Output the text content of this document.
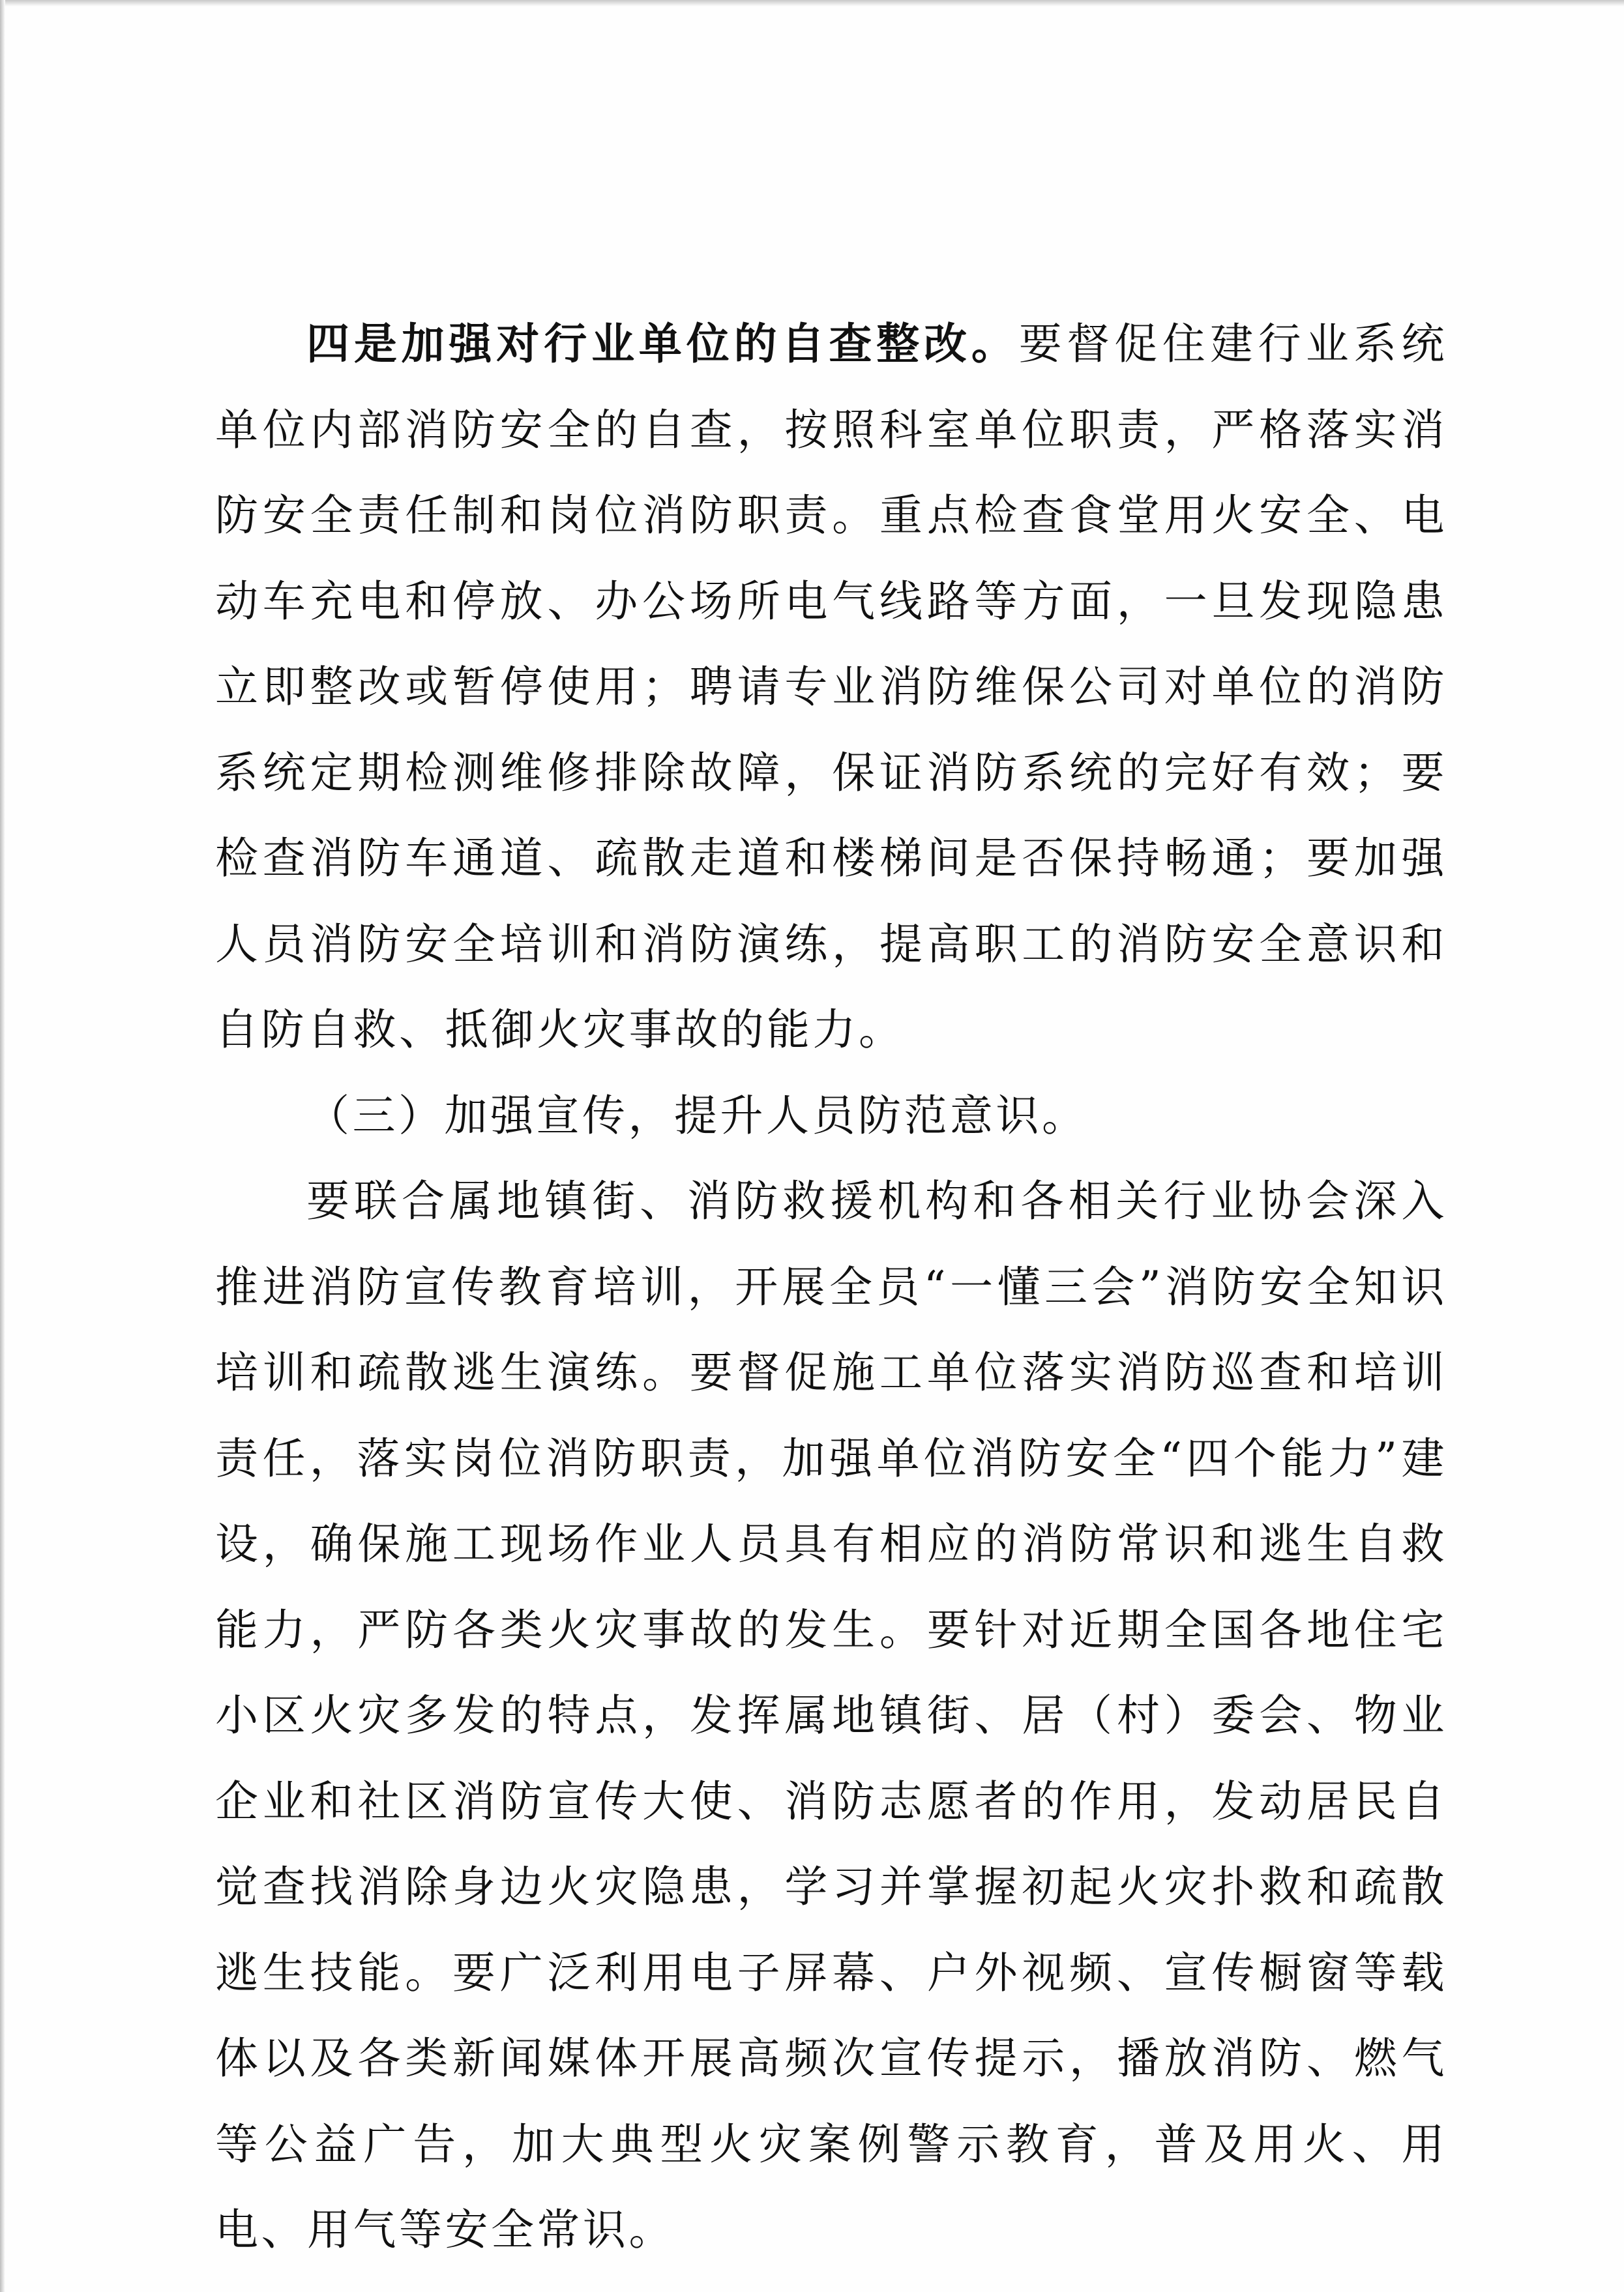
四是加强对行业单位的自查整改。要督促住建行业系统单位内部消防安全的自查，按照科室单位职责，严格落实消防安全责任制和岗位消防职责。重点检查食堂用火安全、电动车充电和停放、办公场所电气线路等方面，一旦发现隐患立即整改或暂停使用；聘请专业消防维保公司对单位的消防系统定期检测维修排除故障，保证消防系统的完好有效；要检查消防车通道、疏散走道和楼梯间是否保持畅通；要加强人员消防安全培训和消防演练，提高职工的消防安全意识和自防自救、抵御火灾事故的能力。

（三）加强宣传，提升人员防范意识。

要联合属地镇街、消防救援机构和各相关行业协会深入推进消防宣传教育培训，开展全员“一懂三会”消防安全知识培训和疏散逃生演练。要督促施工单位落实消防巡查和培训责任，落实岗位消防职责，加强单位消防安全“四个能力”建设，确保施工现场作业人员具有相应的消防常识和逃生自救能力，严防各类火灾事故的发生。要针对近期全国各地住宅小区火灾多发的特点，发挥属地镇街、居（村）委会、物业企业和社区消防宣传大使、消防志愿者的作用，发动居民自觉查找消除身边火灾隐患，学习并掌握初起火灾扑救和疏散逃生技能。要广泛利用电子屏幕、户外视频、宣传橱窗等载体以及各类新闻媒体开展高频次宣传提示，播放消防、燃气等公益广告，加大典型火灾案例警示教育，普及用火、用电、用气等安全常识。
